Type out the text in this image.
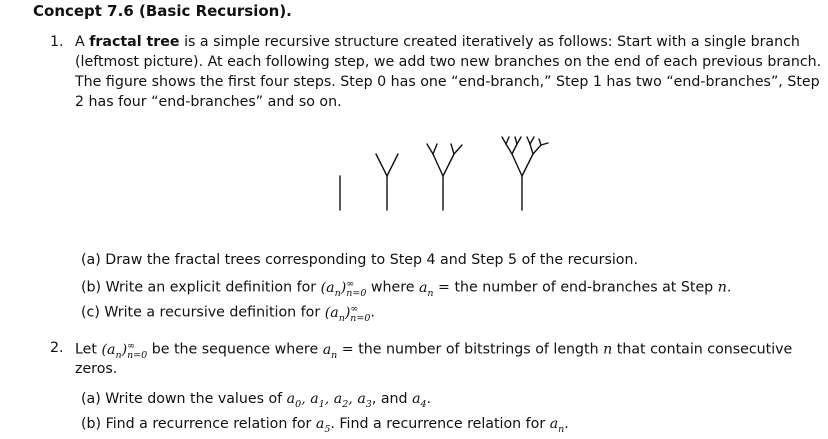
Concept 7.6 (Basic Recursion).
1. A fractal tree is a simple recursive structure created iteratively as follows: Start with a single branch
(leftmost picture). At each following step, we add two new branches on the end of each previous branch.
The figure shows the first four steps. Step 0 has one “end-branch,” Step 1 has two “end-branches”, Step
2 has four “end-branches” and so on.
(a) Draw the fractal trees corresponding to Step 4 and Step 5 of the recursion.
(b) Write an explicit definition for $(a_n)^\infty_{n=0}$ where $a_n$ = the number of end-branches at Step n.
(c) Write a recursive definition for $(a_n)^\infty_{n=0}$.
2. Let $(a_n)^\infty_{n=0}$ be the sequence where $a_n$ = the number of bitstrings of length n that contain consecutive
zeros.
(a) Write down the values of $a_0$, $a_1$, $a_2$, $a_3$, and $a_4$.
(b) Find a recurrence relation for $a_5$. Find a recurrence relation for $a_n$.
